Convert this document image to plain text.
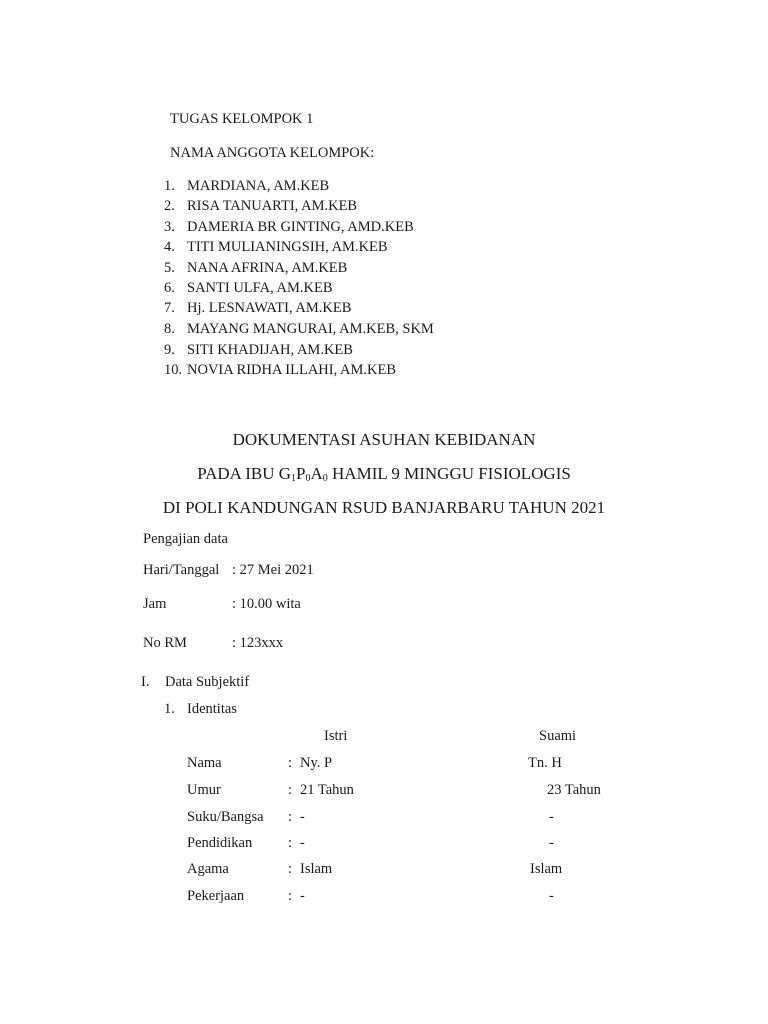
TUGAS KELOMPOK 1
NAMA ANGGOTA KELOMPOK:
1. MARDIANA, AM.KEB
2. RISA TANUARTI, AM.KEB
3. DAMERIA BR GINTING, AMD.KEB
4. TITI MULIANINGSIH, AM.KEB
5. NANA AFRINA, AM.KEB
6. SANTI ULFA, AM.KEB
7. Hj. LESNAWATI, AM.KEB
8. MAYANG MANGURAI, AM.KEB, SKM
9. SITI KHADIJAH, AM.KEB
10. NOVIA RIDHA ILLAHI, AM.KEB
DOKUMENTASI ASUHAN KEBIDANAN
PADA IBU $G_1P_0A_0$ HAMIL 9 MINGGU FISIOLOGIS
DI POLI KANDUNGAN RSUD BANJARBARU TAHUN 2021
Pengajian data
Hari/Tanggal : 27 Mei 2021
Jam	: 10.00 wita
No RM	: 123xxx
I. Data Subjektif
1. Identitas
Istri	Suami
Nama	: Ny. P	Tn. H
Umur	: 21 Tahun	23 Tahun
Suku/Bangsa : -	-
Pendidikan : -	-
Agama	: Islam	Islam
Pekerjaan	: -	-
